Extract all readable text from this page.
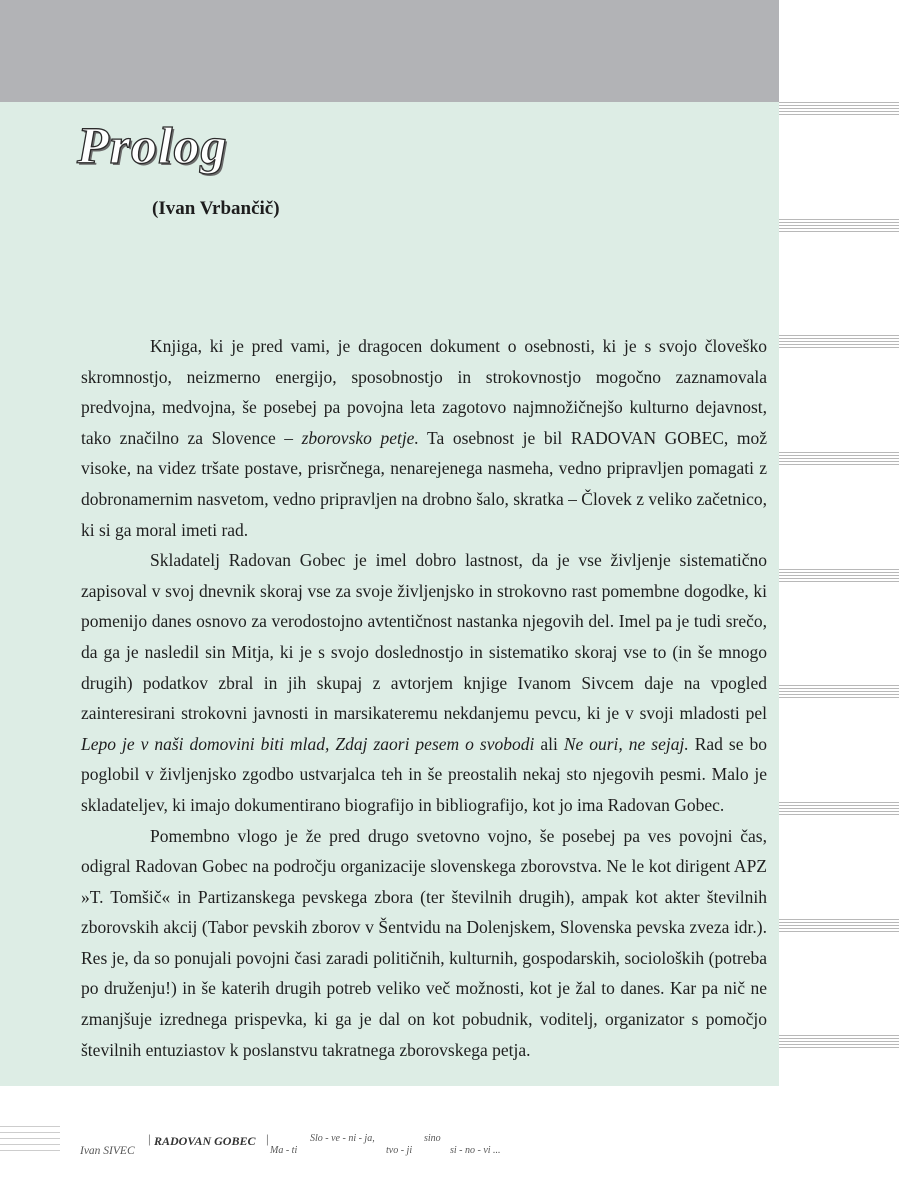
Prolog

(Ivan Vrbančič)

Knjiga, ki je pred vami, je dragocen dokument o osebnosti, ki je s svojo človeško skromnostjo, neizmerno energijo, sposobnostjo in strokovnostjo mogočno zaznamovala predvojna, medvojna, še posebej pa povojna leta zagotovo najmnožičnejšo kulturno dejavnost, tako značilno za Slovence – zborovsko petje. Ta osebnost je bil RADOVAN GOBEC, mož visoke, na videz tršate postave, prisrčnega, nenarejenega nasmeha, vedno pripravljen pomagati z dobronamernim nasvetom, vedno pripravljen na drobno šalo, skratka – Človek z veliko začetnico, ki si ga moral imeti rad.

Skladatelj Radovan Gobec je imel dobro lastnost, da je vse življenje sistematično zapisoval v svoj dnevnik skoraj vse za svoje življenjsko in strokovno rast pomembne dogodke, ki pomenijo danes osnovo za verodostojno avtentičnost nastanka njegovih del. Imel pa je tudi srečo, da ga je nasledil sin Mitja, ki je s svojo doslednostjo in sistematiko skoraj vse to (in še mnogo drugih) podatkov zbral in jih skupaj z avtorjem knjige Ivanom Sivcem daje na vpogled zainteresirani strokovni javnosti in marsikateremu nekdanjemu pevcu, ki je v svoji mladosti pel Lepo je v naši domovini biti mlad, Zdaj zaori pesem o svobodi ali Ne ouri, ne sejaj. Rad se bo poglobil v življenjsko zgodbo ustvarjalca teh in še preostalih nekaj sto njegovih pesmi. Malo je skladateljev, ki imajo dokumentirano biografijo in bibliografijo, kot jo ima Radovan Gobec.

Pomembno vlogo je že pred drugo svetovno vojno, še posebej pa ves povojni čas, odigral Radovan Gobec na področju organizacije slovenskega zborovstva. Ne le kot dirigent APZ »T. Tomšič« in Partizanskega pevskega zbora (ter številnih drugih), ampak kot akter številnih zborovskih akcij (Tabor pevskih zborov v Šentvidu na Dolenjskem, Slovenska pevska zveza idr.). Res je, da so ponujali povojni časi zaradi političnih, kulturnih, gospodarskih, socioloških (potreba po druženju!) in še katerih drugih potreb veliko več možnosti, kot je žal to danes. Kar pa nič ne zmanjšuje izrednega prispevka, ki ga je dal on kot pobudnik, voditelj, organizator s pomočjo številnih entuziastov k poslanstvu takratnega zborovskega petja.

Ivan SIVEC
| RADOVAN GOBEC |
Ma - ti
Slo - ve - ni - ja,
tvo - ji
sino
si - no - vi ...
